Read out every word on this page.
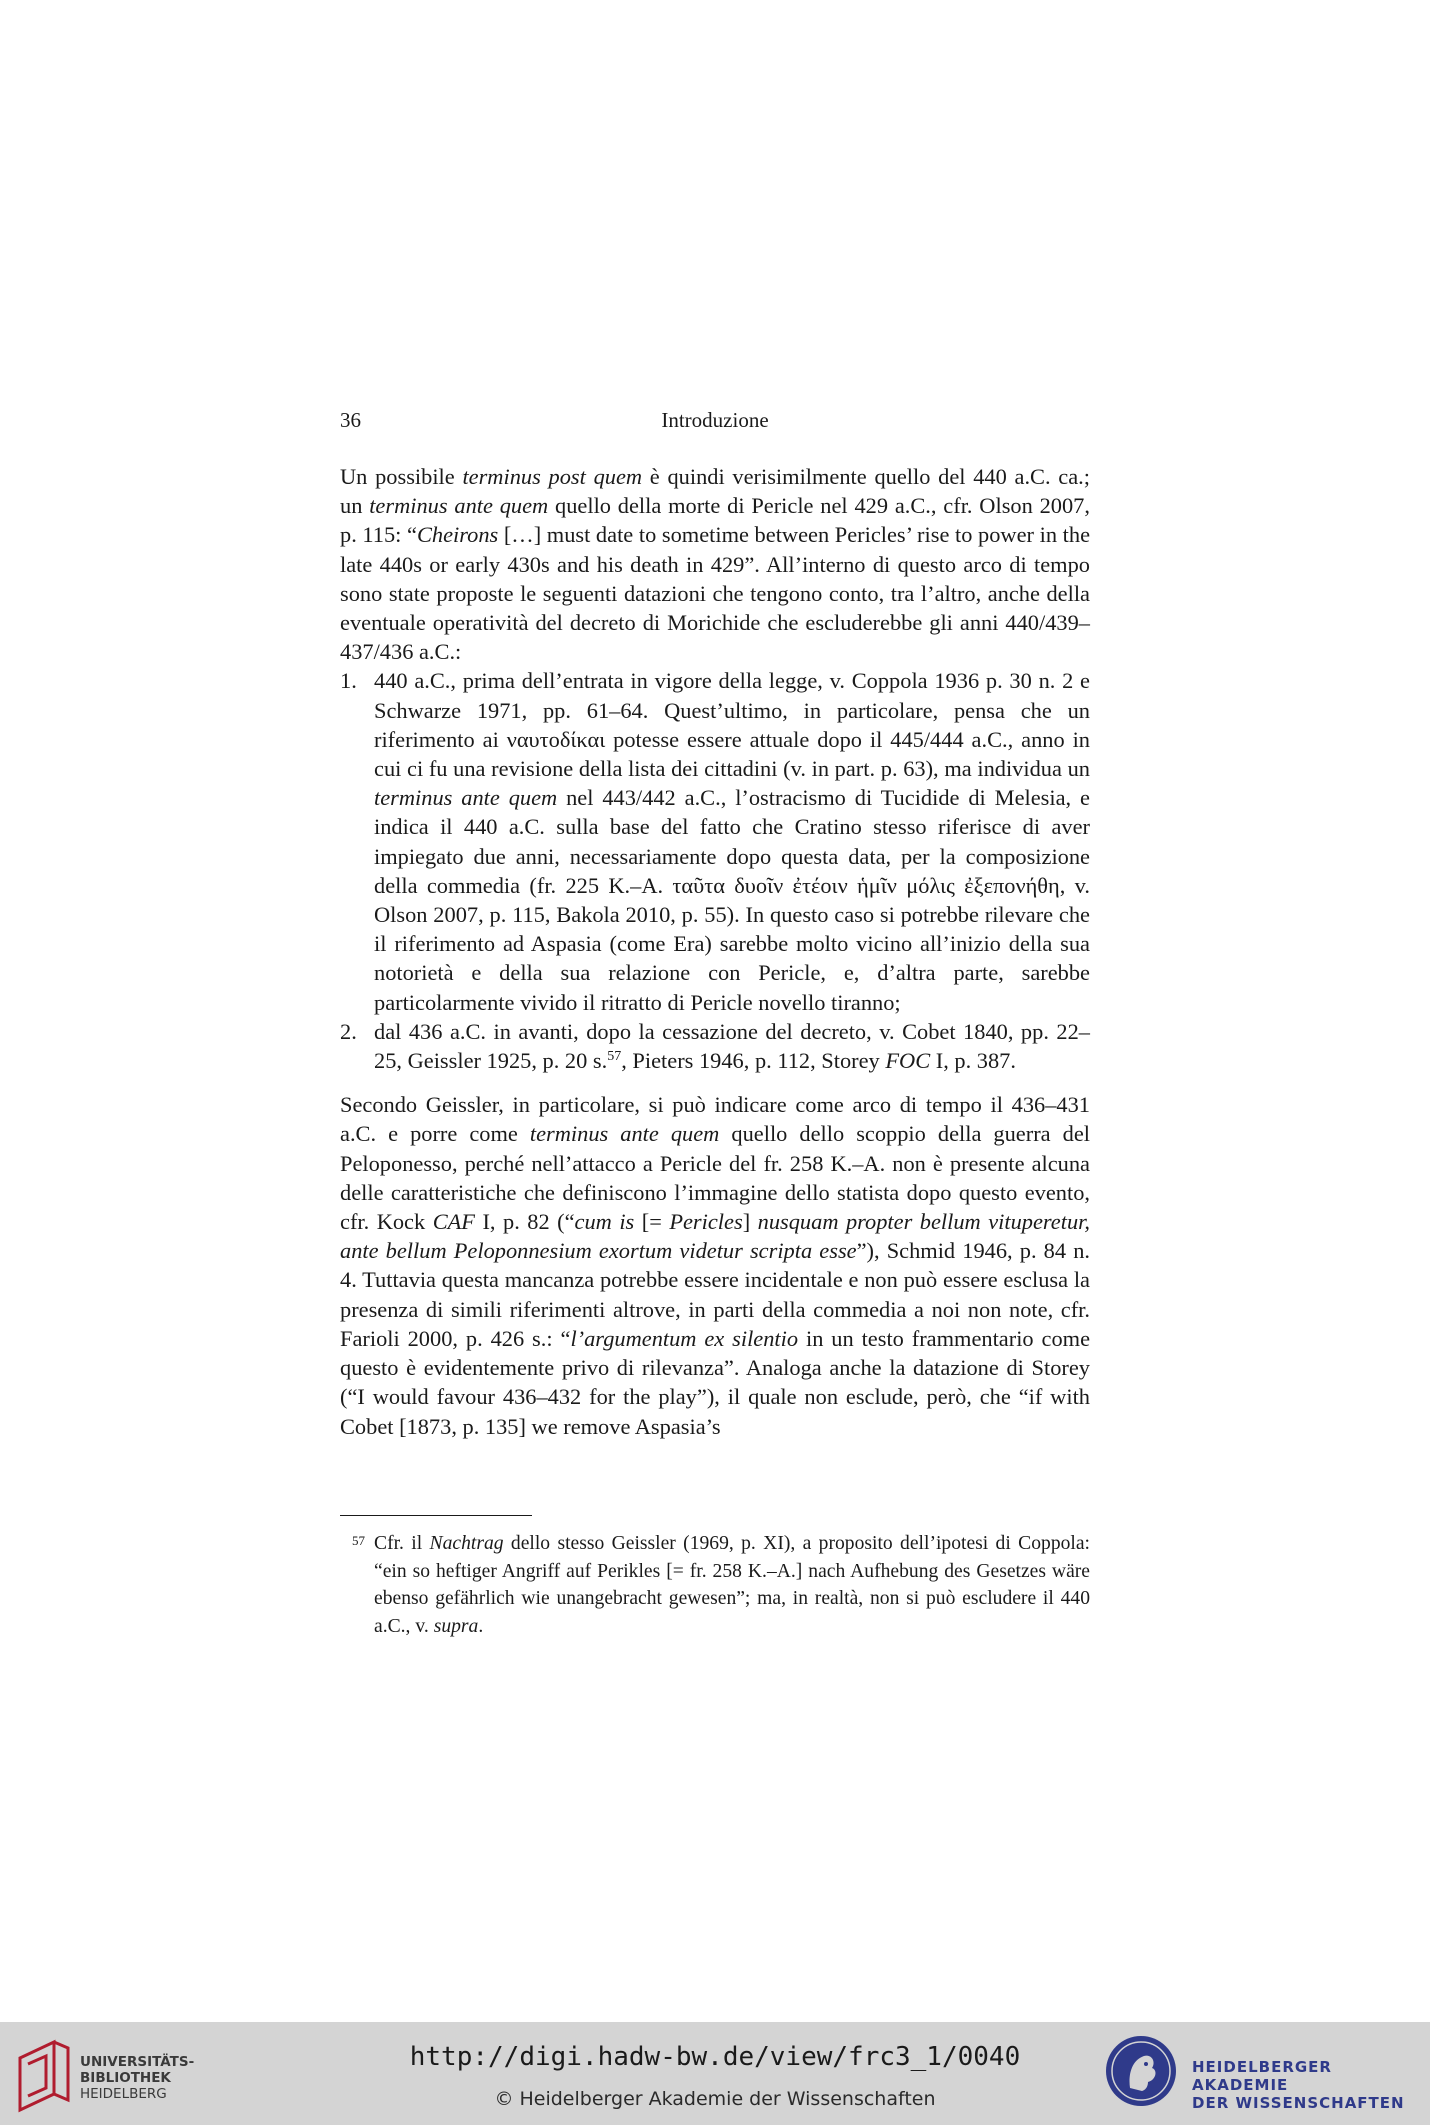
36	Introduzione

Un possibile terminus post quem è quindi verisimilmente quello del 440 a.C. ca.; un terminus ante quem quello della morte di Pericle nel 429 a.C., cfr. Olson 2007, p. 115: “Cheirons […] must date to sometime between Pericles’ rise to power in the late 440s or early 430s and his death in 429”. All’interno di questo arco di tempo sono state proposte le seguenti datazioni che tengono conto, tra l’altro, anche della eventuale operatività del decreto di Morichide che escluderebbe gli anni 440/439–437/436 a.C.:

1. 440 a.C., prima dell’entrata in vigore della legge, v. Coppola 1936 p. 30 n. 2 e Schwarze 1971, pp. 61–64. Quest’ultimo, in particolare, pensa che un riferimento ai ναυτοδίκαι potesse essere attuale dopo il 445/444 a.C., anno in cui ci fu una revisione della lista dei cittadini (v. in part. p. 63), ma individua un terminus ante quem nel 443/442 a.C., l’ostracismo di Tucidide di Melesia, e indica il 440 a.C. sulla base del fatto che Cratino stesso riferisce di aver impiegato due anni, necessariamente dopo questa data, per la composizione della commedia (fr. 225 K.–A. ταῦτα δυοῖν ἐτέοιν ἡμῖν μόλις ἐξεπονήθη, v. Olson 2007, p. 115, Bakola 2010, p. 55). In questo caso si potrebbe rilevare che il riferimento ad Aspasia (come Era) sarebbe molto vicino all’inizio della sua notorietà e della sua relazione con Pericle, e, d’altra parte, sarebbe particolarmente vivido il ritratto di Pericle novello tiranno;
2. dal 436 a.C. in avanti, dopo la cessazione del decreto, v. Cobet 1840, pp. 22–25, Geissler 1925, p. 20 s.$^{57}$, Pieters 1946, p. 112, Storey FOC I, p. 387.

Secondo Geissler, in particolare, si può indicare come arco di tempo il 436–431 a.C. e porre come terminus ante quem quello dello scoppio della guerra del Peloponesso, perché nell’attacco a Pericle del fr. 258 K.–A. non è presente alcuna delle caratteristiche che definiscono l’immagine dello statista dopo questo evento, cfr. Kock CAF I, p. 82 (“cum is [= Pericles] nusquam propter bellum vituperetur, ante bellum Peloponnesium exortum videtur scripta esse”), Schmid 1946, p. 84 n. 4. Tuttavia questa mancanza potrebbe essere incidentale e non può essere esclusa la presenza di simili riferimenti altrove, in parti della commedia a noi non note, cfr. Farioli 2000, p. 426 s.: “l’argumentum ex silentio in un testo frammentario come questo è evidentemente privo di rilevanza”. Analoga anche la datazione di Storey (“I would favour 436–432 for the play”), il quale non esclude, però, che “if with Cobet [1873, p. 135] we remove Aspasia’s

57 Cfr. il Nachtrag dello stesso Geissler (1969, p. XI), a proposito dell’ipotesi di Coppola: “ein so heftiger Angriff auf Perikles [= fr. 258 K.–A.] nach Aufhebung des Gesetzes wäre ebenso gefährlich wie unangebracht gewesen”; ma, in realtà, non si può escludere il 440 a.C., v. supra.
UNIVERSITÄTS-
BIBLIOTHEK
HEIDELBERG
http://digi.hadw-bw.de/view/frc3_1/0040
© Heidelberger Akademie der Wissenschaften
HEIDELBERGER AKADEMIE
DER WISSENSCHAFTEN
